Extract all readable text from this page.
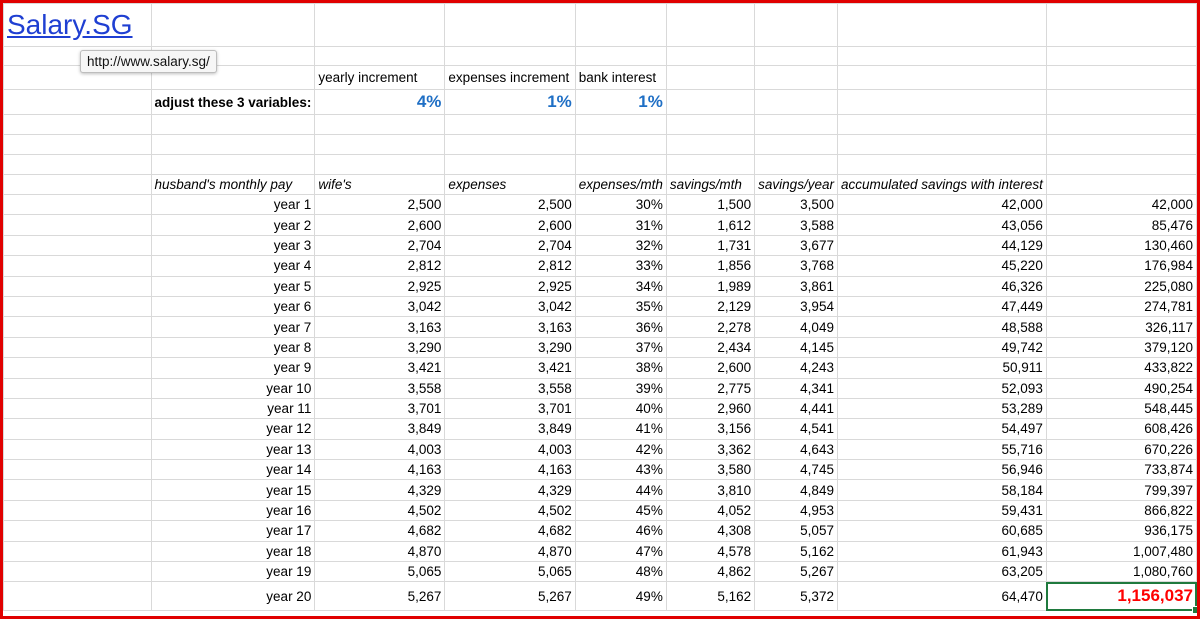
Salary.SG								

		yearly increment	expenses increment	bank interest				
	adjust these 3 variables:	4%	1%	1%				

	husband's monthly pay	wife's	expenses	expenses/mth	savings/mth	savings/year	accumulated savings with interest	
	year 1	2,500	2,500	30%	1,500	3,500	42,000	42,000
	year 2	2,600	2,600	31%	1,612	3,588	43,056	85,476
	year 3	2,704	2,704	32%	1,731	3,677	44,129	130,460
	year 4	2,812	2,812	33%	1,856	3,768	45,220	176,984
	year 5	2,925	2,925	34%	1,989	3,861	46,326	225,080
	year 6	3,042	3,042	35%	2,129	3,954	47,449	274,781
	year 7	3,163	3,163	36%	2,278	4,049	48,588	326,117
	year 8	3,290	3,290	37%	2,434	4,145	49,742	379,120
	year 9	3,421	3,421	38%	2,600	4,243	50,911	433,822
	year 10	3,558	3,558	39%	2,775	4,341	52,093	490,254
	year 11	3,701	3,701	40%	2,960	4,441	53,289	548,445
	year 12	3,849	3,849	41%	3,156	4,541	54,497	608,426
	year 13	4,003	4,003	42%	3,362	4,643	55,716	670,226
	year 14	4,163	4,163	43%	3,580	4,745	56,946	733,874
	year 15	4,329	4,329	44%	3,810	4,849	58,184	799,397
	year 16	4,502	4,502	45%	4,052	4,953	59,431	866,822
	year 17	4,682	4,682	46%	4,308	5,057	60,685	936,175
	year 18	4,870	4,870	47%	4,578	5,162	61,943	1,007,480
	year 19	5,065	5,065	48%	4,862	5,267	63,205	1,080,760
	year 20	5,267	5,267	49%	5,162	5,372	64,470	1,156,037
http://www.salary.sg/
